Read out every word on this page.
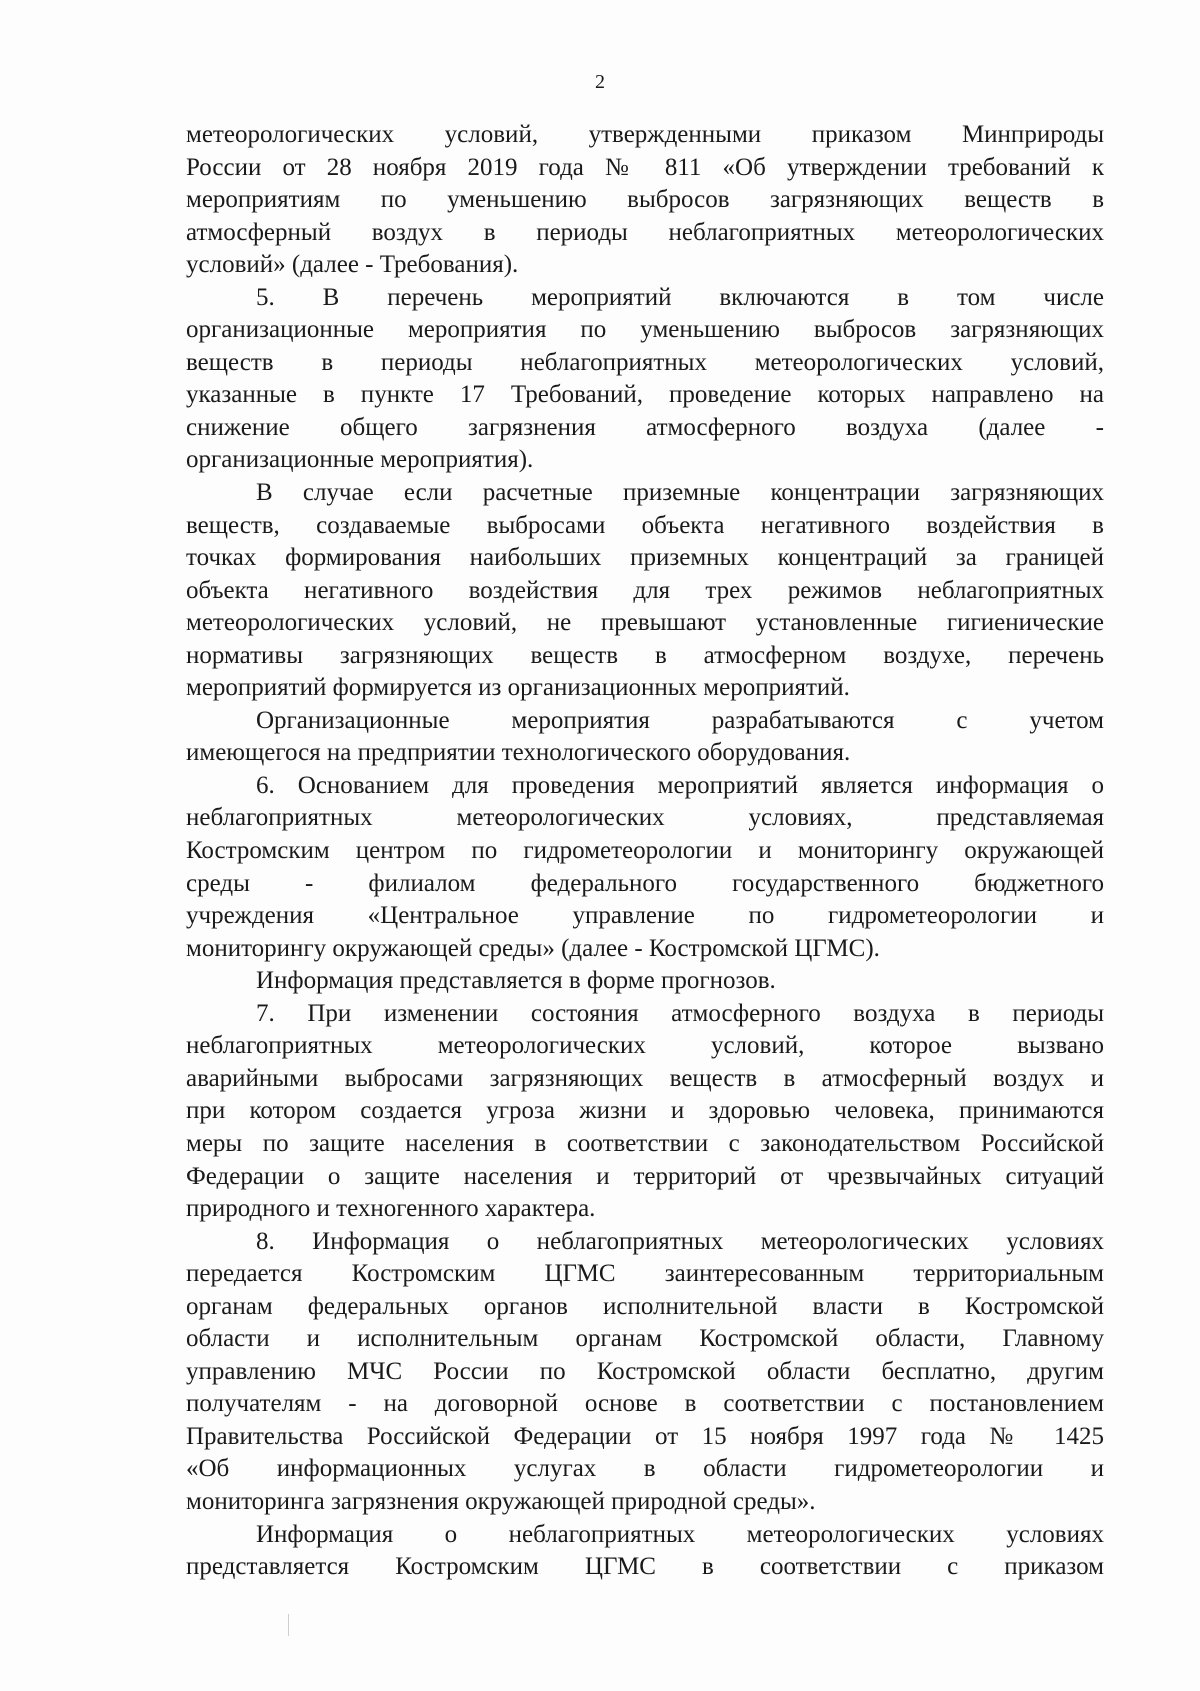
2
метеорологических условий, утвержденными приказом Минприроды
России от 28 ноября 2019 года № 811 «Об утверждении требований к
мероприятиям по уменьшению выбросов загрязняющих веществ в
атмосферный воздух в периоды неблагоприятных метеорологических
условий» (далее - Требования).
5. В перечень мероприятий включаются в том числе
организационные мероприятия по уменьшению выбросов загрязняющих
веществ в периоды неблагоприятных метеорологических условий,
указанные в пункте 17 Требований, проведение которых направлено на
снижение общего загрязнения атмосферного воздуха (далее -
организационные мероприятия).
В случае если расчетные приземные концентрации загрязняющих
веществ, создаваемые выбросами объекта негативного воздействия в
точках формирования наибольших приземных концентраций за границей
объекта негативного воздействия для трех режимов неблагоприятных
метеорологических условий, не превышают установленные гигиенические
нормативы загрязняющих веществ в атмосферном воздухе, перечень
мероприятий формируется из организационных мероприятий.
Организационные мероприятия разрабатываются с учетом
имеющегося на предприятии технологического оборудования.
6. Основанием для проведения мероприятий является информация о
неблагоприятных метеорологических условиях, представляемая
Костромским центром по гидрометеорологии и мониторингу окружающей
среды - филиалом федерального государственного бюджетного
учреждения «Центральное управление по гидрометеорологии и
мониторингу окружающей среды» (далее - Костромской ЦГМС).
Информация представляется в форме прогнозов.
7. При изменении состояния атмосферного воздуха в периоды
неблагоприятных метеорологических условий, которое вызвано
аварийными выбросами загрязняющих веществ в атмосферный воздух и
при котором создается угроза жизни и здоровью человека, принимаются
меры по защите населения в соответствии с законодательством Российской
Федерации о защите населения и территорий от чрезвычайных ситуаций
природного и техногенного характера.
8. Информация о неблагоприятных метеорологических условиях
передается Костромским ЦГМС заинтересованным территориальным
органам федеральных органов исполнительной власти в Костромской
области и исполнительным органам Костромской области, Главному
управлению МЧС России по Костромской области бесплатно, другим
получателям - на договорной основе в соответствии с постановлением
Правительства Российской Федерации от 15 ноября 1997 года № 1425
«Об информационных услугах в области гидрометеорологии и
мониторинга загрязнения окружающей природной среды».
Информация о неблагоприятных метеорологических условиях
представляется Костромским ЦГМС в соответствии с приказом
